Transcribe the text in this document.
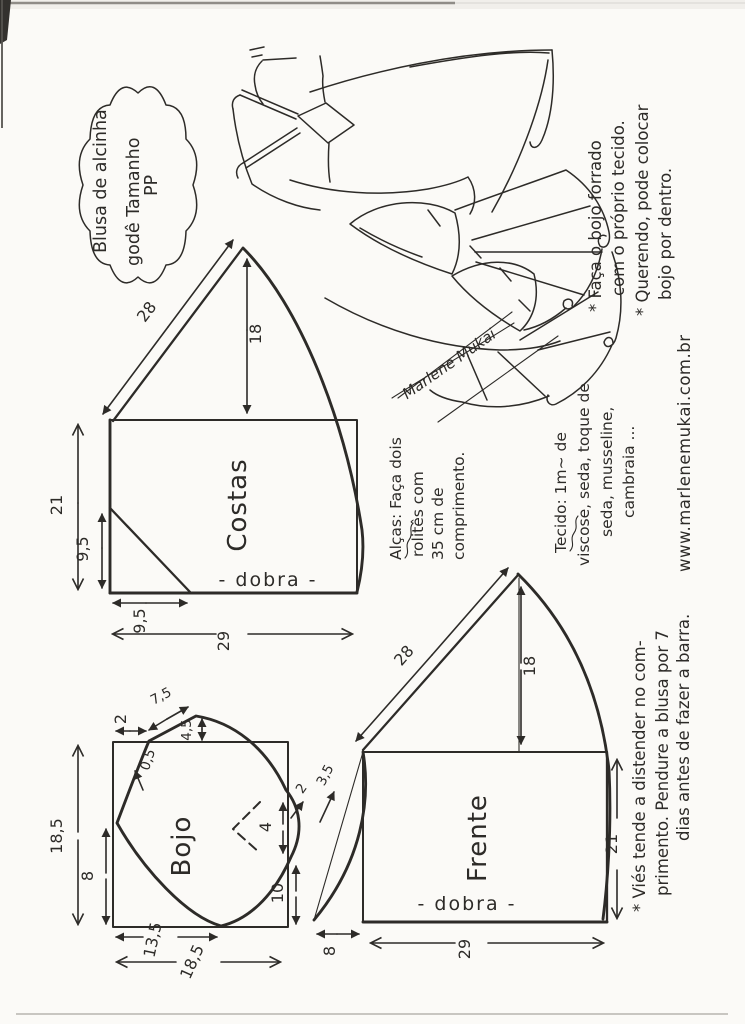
Blusa de alcinha godê Tamanho
PP
Marlene Mukai
28
18
21
9,5
9,5
29
- dobra -
Costas
2
7,5
4,5
0,5
18,5
8
4
2
10
13,5
18,5
Bojo
28	18
3,5
8	29
21
- dobra -
Frente
* Faça o bojo forrado com o próprio tecido. * Querendo, pode colocar bojo por dentro.
Tecido: 1m~ de viscose, seda, toque de seda, musseline, cambraia ...
Alças: Faça dois rolitês com 35 cm de comprimento.
* Viés tende a distender no com- primento. Pendure a blusa por 7 dias antes de fazer a barra.
www.marlenemukai.com.br
